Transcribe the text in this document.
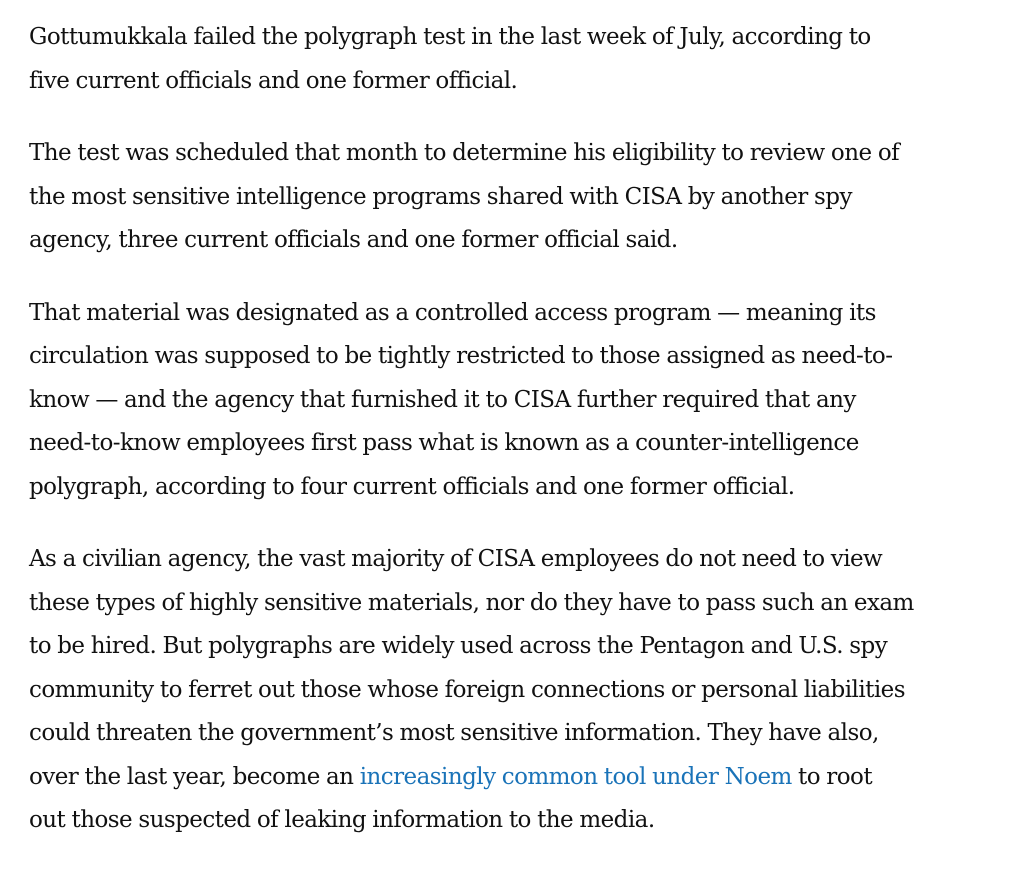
Gottumukkala failed the polygraph test in the last week of July, according to
five current officials and one former official.

The test was scheduled that month to determine his eligibility to review one of
the most sensitive intelligence programs shared with CISA by another spy
agency, three current officials and one former official said.

That material was designated as a controlled access program — meaning its
circulation was supposed to be tightly restricted to those assigned as need-to-
know — and the agency that furnished it to CISA further required that any
need-to-know employees first pass what is known as a counter-intelligence
polygraph, according to four current officials and one former official.

As a civilian agency, the vast majority of CISA employees do not need to view
these types of highly sensitive materials, nor do they have to pass such an exam
to be hired. But polygraphs are widely used across the Pentagon and U.S. spy
community to ferret out those whose foreign connections or personal liabilities
could threaten the government’s most sensitive information. They have also,
over the last year, become an increasingly common tool under Noem to root
out those suspected of leaking information to the media.
